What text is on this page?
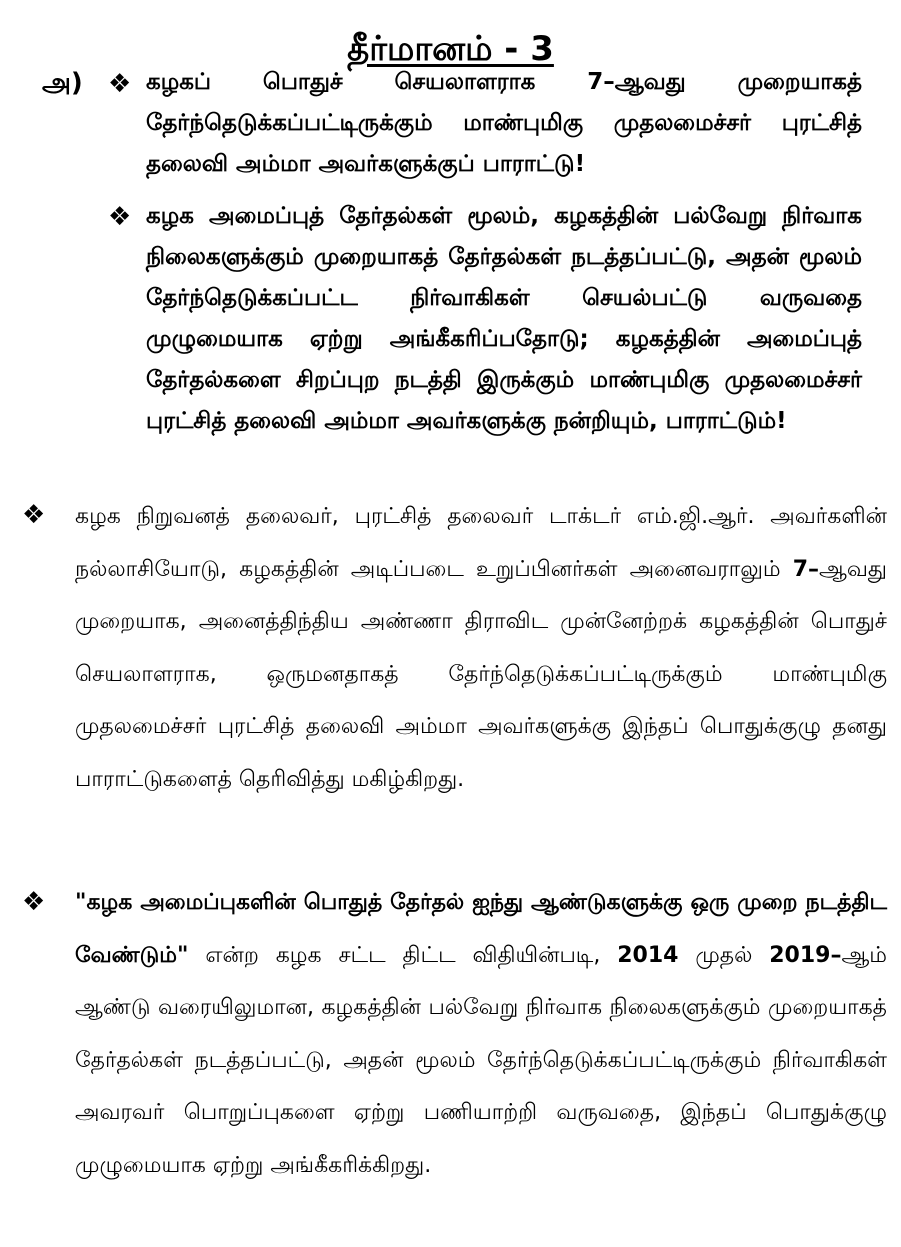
தீர்மானம் - 3
அ) ❖ கழகப் பொதுச் செயலாளராக 7–ஆவது முறையாகத் தேர்ந்தெடுக்கப்பட்டிருக்கும் மாண்புமிகு முதலமைச்சர் புரட்சித் தலைவி அம்மா அவர்களுக்குப் பாராட்டு!

❖ கழக அமைப்புத் தேர்தல்கள் மூலம், கழகத்தின் பல்வேறு நிர்வாக நிலைகளுக்கும் முறையாகத் தேர்தல்கள் நடத்தப்பட்டு, அதன் மூலம் தேர்ந்தெடுக்கப்பட்ட நிர்வாகிகள் செயல்பட்டு வருவதை முழுமையாக ஏற்று அங்கீகரிப்பதோடு; கழகத்தின் அமைப்புத் தேர்தல்களை சிறப்புற நடத்தி இருக்கும் மாண்புமிகு முதலமைச்சர் புரட்சித் தலைவி அம்மா அவர்களுக்கு நன்றியும், பாராட்டும்!

❖ கழக நிறுவனத் தலைவர், புரட்சித் தலைவர் டாக்டர் எம்.ஜி.ஆர். அவர்களின் நல்லாசியோடு, கழகத்தின் அடிப்படை உறுப்பினர்கள் அனைவராலும் 7–ஆவது முறையாக, அனைத்திந்திய அண்ணா திராவிட முன்னேற்றக் கழகத்தின் பொதுச் செயலாளராக, ஒருமனதாகத் தேர்ந்தெடுக்கப்பட்டிருக்கும் மாண்புமிகு முதலமைச்சர் புரட்சித் தலைவி அம்மா அவர்களுக்கு இந்தப் பொதுக்குழு தனது பாராட்டுகளைத் தெரிவித்து மகிழ்கிறது.

❖ "கழக அமைப்புகளின் பொதுத் தேர்தல் ஐந்து ஆண்டுகளுக்கு ஒரு முறை நடத்திட வேண்டும்" என்ற கழக சட்ட திட்ட விதியின்படி, 2014 முதல் 2019–ஆம் ஆண்டு வரையிலுமான, கழகத்தின் பல்வேறு நிர்வாக நிலைகளுக்கும் முறையாகத் தேர்தல்கள் நடத்தப்பட்டு, அதன் மூலம் தேர்ந்தெடுக்கப்பட்டிருக்கும் நிர்வாகிகள் அவரவர் பொறுப்புகளை ஏற்று பணியாற்றி வருவதை, இந்தப் பொதுக்குழு முழுமையாக ஏற்று அங்கீகரிக்கிறது.
